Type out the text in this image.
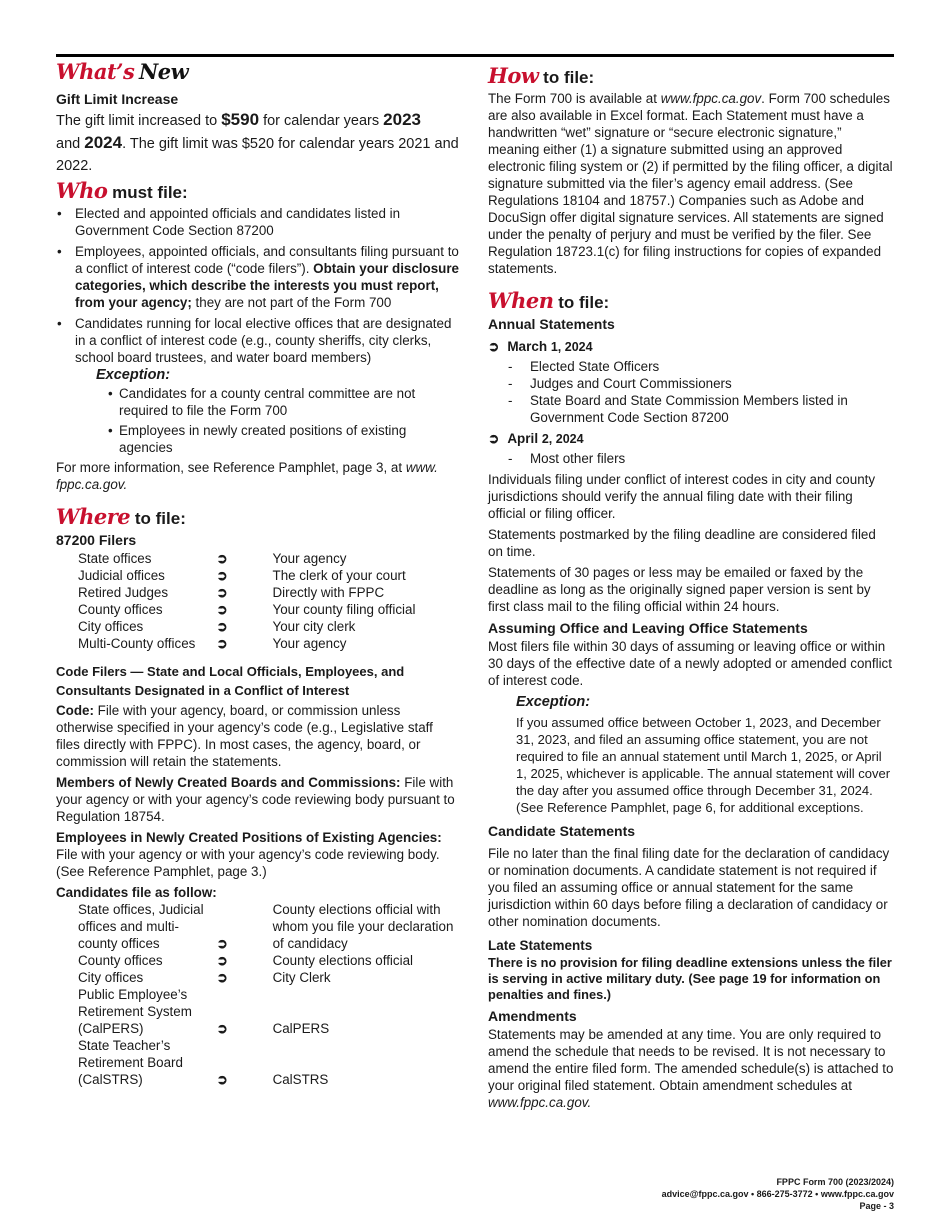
What’s New

Gift Limit Increase

The gift limit increased to $590 for calendar years 2023
and 2024. The gift limit was $520 for calendar years 2021 and 2022.

Who must file:
• Elected and appointed officials and candidates listed in Government Code Section 87200
• Employees, appointed officials, and consultants filing pursuant to a conflict of interest code (“code filers”). Obtain your disclosure categories, which describe the interests you must report, from your agency; they are not part of the Form 700
• Candidates running for local elective offices that are designated in a conflict of interest code (e.g., county sheriffs, city clerks, school board trustees, and water board members)

Exception:

• Candidates for a county central committee are not required to file the Form 700
• Employees in newly created positions of existing agencies

For more information, see Reference Pamphlet, page 3, at www. fppc.ca.gov.

Where to file:

87200 Filers

State offices	➲	Your agency
Judicial offices	➲	The clerk of your court
Retired Judges	➲	Directly with FPPC
County offices	➲	Your county filing official
City offices	➲	Your city clerk
Multi-County offices	➲	Your agency

Code Filers — State and Local Officials, Employees, and Consultants Designated in a Conflict of Interest

Code: File with your agency, board, or commission unless otherwise specified in your agency’s code (e.g., Legislative staff files directly with FPPC). In most cases, the agency, board, or commission will retain the statements.

Members of Newly Created Boards and Commissions: File with your agency or with your agency’s code reviewing body pursuant to Regulation 18754.

Employees in Newly Created Positions of Existing Agencies: File with your agency or with your agency’s code reviewing body. (See Reference Pamphlet, page 3.)

Candidates file as follow:

State offices, Judicial offices and multi-county offices	➲	County elections official with whom you file your declaration of candidacy
County offices	➲	County elections official
City offices	➲	City Clerk
Public Employee’s Retirement System (CalPERS)	➲	CalPERS
State Teacher’s Retirement Board (CalSTRS)	➲	CalSTRS
How to file:

The Form 700 is available at www.fppc.ca.gov. Form 700 schedules are also available in Excel format. Each Statement must have a handwritten “wet” signature or “secure electronic signature,” meaning either (1) a signature submitted using an approved electronic filing system or (2) if permitted by the filing officer, a digital signature submitted via the filer’s agency email address. (See Regulations 18104 and 18757.) Companies such as Adobe and DocuSign offer digital signature services. All statements are signed under the penalty of perjury and must be verified by the filer. See Regulation 18723.1(c) for filing instructions for copies of expanded statements.

When to file:

Annual Statements

➲ March 1, 2024

- Elected State Officers
- Judges and Court Commissioners
- State Board and State Commission Members listed in Government Code Section 87200

➲ April 2, 2024

- Most other filers

Individuals filing under conflict of interest codes in city and county jurisdictions should verify the annual filing date with their filing official or filing officer.

Statements postmarked by the filing deadline are considered filed on time.

Statements of 30 pages or less may be emailed or faxed by the deadline as long as the originally signed paper version is sent by first class mail to the filing official within 24 hours.

Assuming Office and Leaving Office Statements

Most filers file within 30 days of assuming or leaving office or within 30 days of the effective date of a newly adopted or amended conflict of interest code.

Exception:

If you assumed office between October 1, 2023, and December 31, 2023, and filed an assuming office statement, you are not required to file an annual statement until March 1, 2025, or April 1, 2025, whichever is applicable. The annual statement will cover the day after you assumed office through December 31, 2024. (See Reference Pamphlet, page 6, for additional exceptions.

Candidate Statements

File no later than the final filing date for the declaration of candidacy or nomination documents. A candidate statement is not required if you filed an assuming office or annual statement for the same jurisdiction within 60 days before filing a declaration of candidacy or other nomination documents.

Late Statements

There is no provision for filing deadline extensions unless the filer is serving in active military duty. (See page 19 for information on penalties and fines.)

Amendments

Statements may be amended at any time. You are only required to amend the schedule that needs to be revised. It is not necessary to amend the entire filed form. The amended schedule(s) is attached to your original filed statement. Obtain amendment schedules at www.fppc.ca.gov.

FPPC Form 700 (2023/2024)
advice@fppc.ca.gov • 866-275-3772 • www.fppc.ca.gov
Page - 3
